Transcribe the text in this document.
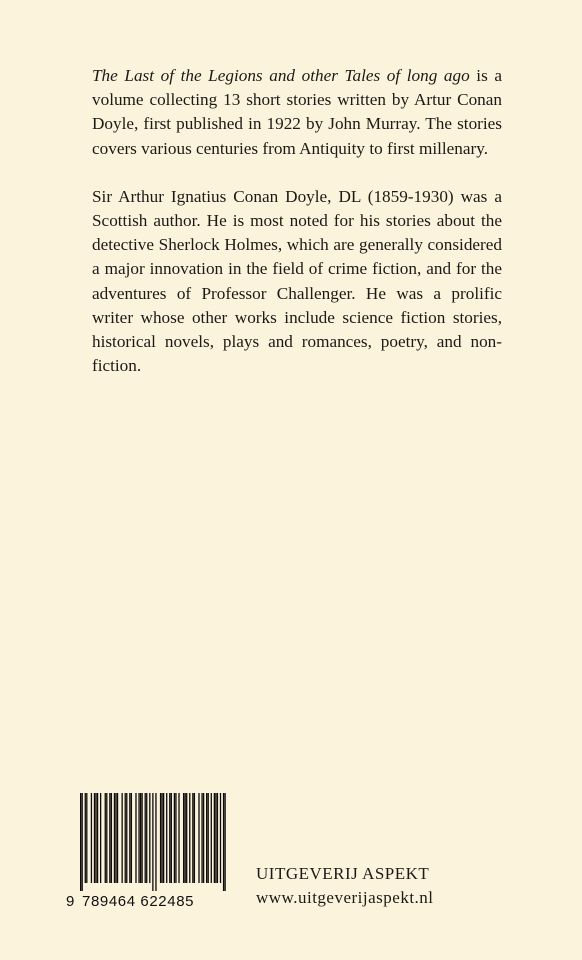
The Last of the Legions and other Tales of long ago is a volume collecting 13 short stories written by Artur Conan Doyle, first published in 1922 by John Murray. The stories covers various centuries from Antiquity to first millenary.

Sir Arthur Ignatius Conan Doyle, DL (1859-1930) was a Scottish author. He is most noted for his stories about the detective Sherlock Holmes, which are generally considered a major innovation in the field of crime fiction, and for the adventures of Professor Challenger. He was a prolific writer whose other works include science fiction stories, historical novels, plays and romances, poetry, and non-fiction.

9 789464 622485
UITGEVERIJ ASPEKT
www.uitgeverijaspekt.nl
